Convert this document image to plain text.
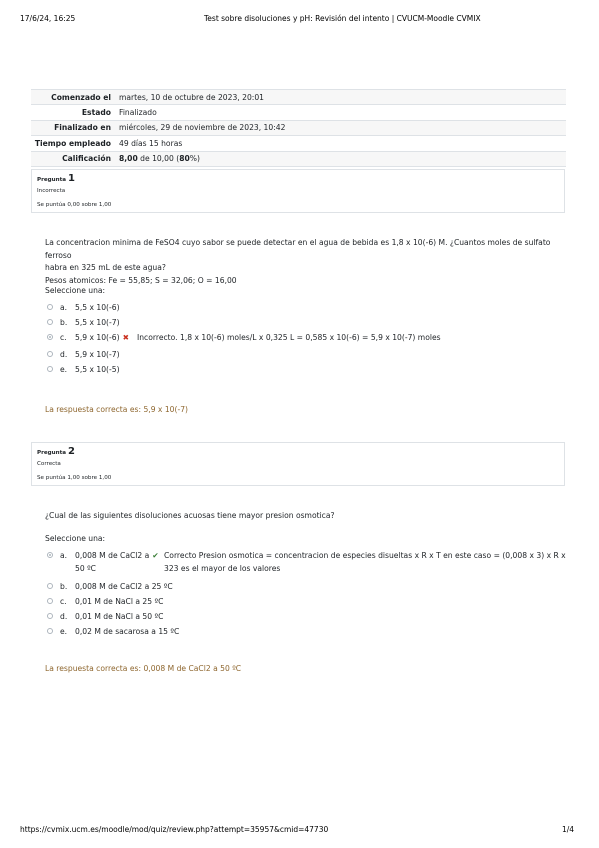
17/6/24, 16:25	Test sobre disoluciones y pH: Revisión del intento | CVUCM-Moodle CVMIX
Comenzado el	martes, 10 de octubre de 2023, 20:01
Estado	Finalizado
Finalizado en	miércoles, 29 de noviembre de 2023, 10:42
Tiempo empleado	49 días 15 horas
Calificación	8,00 de 10,00 (80%)
Pregunta 1
Incorrecta
Se puntúa 0,00 sobre 1,00
La concentracion minima de FeSO4 cuyo sabor se puede detectar en el agua de bebida es 1,8 x 10(-6) M. ¿Cuantos moles de sulfato ferroso
habra en 325 mL de este agua?
Pesos atomicos: Fe = 55,85; S = 32,06; O = 16,00
Seleccione una:
a. 5,5 x 10(-6)
b. 5,5 x 10(-7)
c. 5,9 x 10(-6) ✖ Incorrecto. 1,8 x 10(-6) moles/L x 0,325 L = 0,585 x 10(-6) = 5,9 x 10(-7) moles
d. 5,9 x 10(-7)
e. 5,5 x 10(-5)
La respuesta correcta es: 5,9 x 10(-7)
Pregunta 2
Correcta
Se puntúa 1,00 sobre 1,00
¿Cual de las siguientes disoluciones acuosas tiene mayor presion osmotica?
Seleccione una:
a. 0,008 M de CaCl2 a ✔
50 ºC
Correcto Presion osmotica = concentracion de especies disueltas x R x T en este caso = (0,008 x 3) x R x
323 es el mayor de los valores
b. 0,008 M de CaCl2 a 25 ºC
c. 0,01 M de NaCl a 25 ºC
d. 0,01 M de NaCl a 50 ºC
e. 0,02 M de sacarosa a 15 ºC
La respuesta correcta es: 0,008 M de CaCl2 a 50 ºC
https://cvmix.ucm.es/moodle/mod/quiz/review.php?attempt=35957&cmid=47730	1/4
